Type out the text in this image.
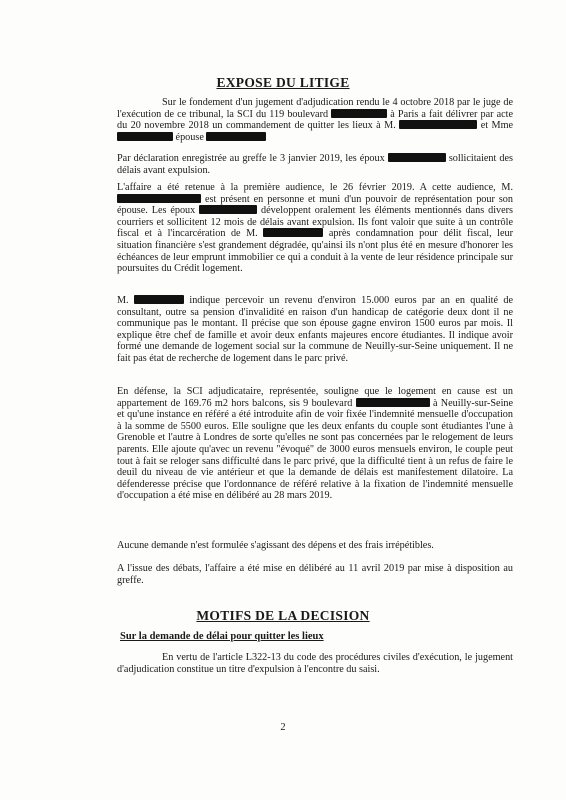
EXPOSE DU LITIGE

Sur le fondement d'un jugement d'adjudication rendu le 4 octobre 2018 par le juge de l'exécution de ce tribunal, la SCI du 119 boulevard	à Paris a fait délivrer par acte du 20 novembre 2018 un commandement de quitter les lieux à M.	et Mme  épouse

Par déclaration enregistrée au greffe le 3 janvier 2019, les époux	sollicitaient des délais avant expulsion.

L'affaire a été retenue à la première audience, le 26 février 2019. A cette audience, M.  est présent en personne et muni d'un pouvoir de représentation pour son épouse. Les époux	développent oralement les éléments mentionnés dans divers courriers et sollicitent 12 mois de délais avant expulsion. Ils font valoir que suite à un contrôle fiscal et à l'incarcération de M.	après condamnation pour délit fiscal, leur situation financière s'est grandement dégradée, qu'ainsi ils n'ont plus été en mesure d'honorer les échéances de leur emprunt immobilier ce qui a conduit à la vente de leur résidence principale sur poursuites du Crédit logement.

M.	indique percevoir un revenu d'environ 15.000 euros par an en qualité de consultant, outre sa pension d'invalidité en raison d'un handicap de catégorie deux dont il ne communique pas le montant. Il précise que son épouse gagne environ 1500 euros par mois. Il explique être chef de famille et avoir deux enfants majeures encore étudiantes. Il indique avoir formé une demande de logement social sur la commune de Neuilly-sur-Seine uniquement. Il ne fait pas état de recherche de logement dans le parc privé.

En défense, la SCI adjudicataire, représentée, souligne que le logement en cause est un appartement de 169.76 m2 hors balcons, sis 9 boulevard	à Neuilly-sur-Seine et qu'une instance en référé a été introduite afin de voir fixée l'indemnité mensuelle d'occupation à la somme de 5500 euros. Elle souligne que les deux enfants du couple sont étudiantes l'une à Grenoble et l'autre à Londres de sorte qu'elles ne sont pas concernées par le relogement de leurs parents. Elle ajoute qu'avec un revenu "évoqué" de 3000 euros mensuels environ, le couple peut tout à fait se reloger sans difficulté dans le parc privé, que la difficulté tient à un refus de faire le deuil du niveau de vie antérieur et que la demande de délais est manifestement dilatoire. La défenderesse précise que l'ordonnance de référé relative à la fixation de l'indemnité mensuelle d'occupation a été mise en délibéré au 28 mars 2019.

Aucune demande n'est formulée s'agissant des dépens et des frais irrépétibles.

A l'issue des débats, l'affaire a été mise en délibéré au 11 avril 2019 par mise à disposition au greffe.

MOTIFS DE LA DECISION
Sur la demande de délai pour quitter les lieux

En vertu de l'article L322-13 du code des procédures civiles d'exécution, le jugement d'adjudication constitue un titre d'expulsion à l'encontre du saisi.

2
